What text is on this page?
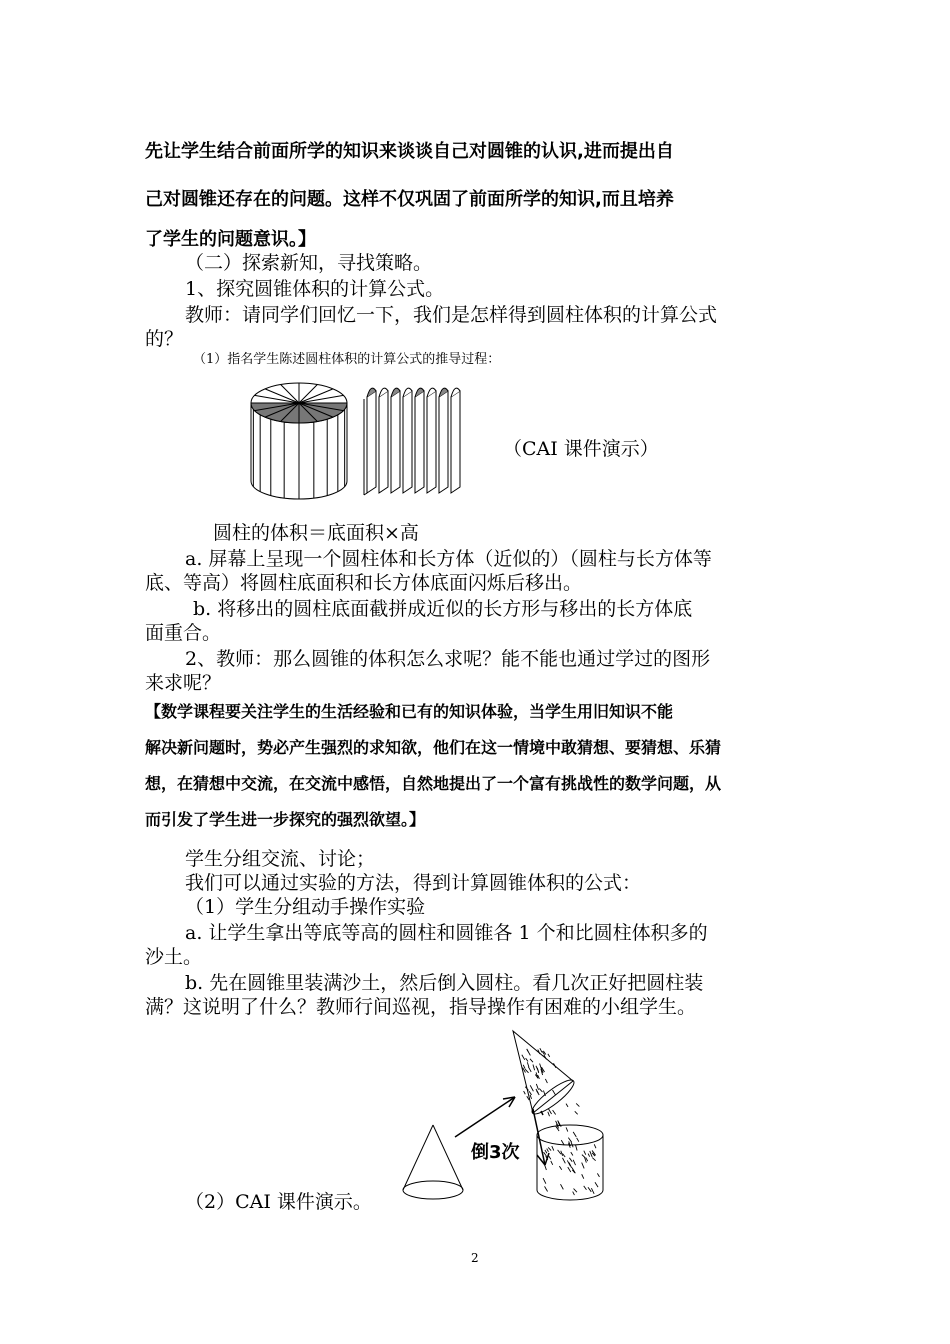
先让学生结合前面所学的知识来谈谈自己对圆锥的认识,进而提出自
己对圆锥还存在的问题。这样不仅巩固了前面所学的知识,而且培养
了学生的问题意识。】
（二）探索新知，寻找策略。
1、探究圆锥体积的计算公式。
教师：请同学们回忆一下，我们是怎样得到圆柱体积的计算公式
的？
（1）指名学生陈述圆柱体积的计算公式的推导过程：
（CAI 课件演示）
圆柱的体积＝底面积×高
a. 屏幕上呈现一个圆柱体和长方体（近似的）（圆柱与长方体等
底、等高）将圆柱底面积和长方体底面闪烁后移出。
b. 将移出的圆柱底面截拼成近似的长方形与移出的长方体底
面重合。
2、教师：那么圆锥的体积怎么求呢？能不能也通过学过的图形
来求呢？
【数学课程要关注学生的生活经验和已有的知识体验，当学生用旧知识不能
解决新问题时，势必产生强烈的求知欲，他们在这一情境中敢猜想、要猜想、乐猜
想，在猜想中交流，在交流中感悟，自然地提出了一个富有挑战性的数学问题，从
而引发了学生进一步探究的强烈欲望。】
学生分组交流、讨论；
我们可以通过实验的方法，得到计算圆锥体积的公式：
（1）学生分组动手操作实验
a. 让学生拿出等底等高的圆柱和圆锥各 1 个和比圆柱体积多的
沙土。
b. 先在圆锥里装满沙土，然后倒入圆柱。看几次正好把圆柱装
满？这说明了什么？教师行间巡视，指导操作有困难的小组学生。
倒3次
（2）CAI 课件演示。
2
